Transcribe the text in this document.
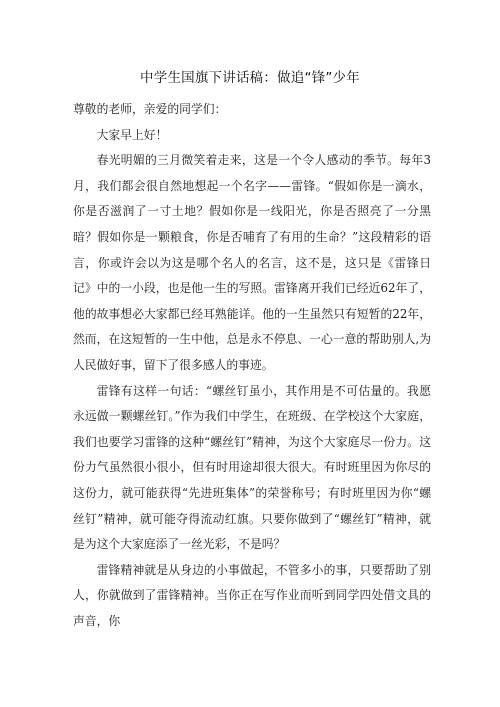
中学生国旗下讲话稿：做追“锋”少年

尊敬的老师，亲爱的同学们：

大家早上好！

春光明媚的三月微笑着走来，这是一个令人感动的季节。每年3月，我们都会很自然地想起一个名字——雷锋。“假如你是一滴水，你是否滋润了一寸土地？假如你是一线阳光，你是否照亮了一分黑暗？假如你是一颗粮食，你是否哺育了有用的生命？”这段精彩的语言，你或许会以为这是哪个名人的名言，这不是，这只是《雷锋日记》中的一小段，也是他一生的写照。雷锋离开我们已经近62年了，他的故事想必大家都已经耳熟能详。他的一生虽然只有短暂的22年，然而，在这短暂的一生中他，总是永不停息、一心一意的帮助别人,为人民做好事，留下了很多感人的事迹。

雷锋有这样一句话：“螺丝钉虽小，其作用是不可估量的。我愿永远做一颗螺丝钉。”作为我们中学生，在班级、在学校这个大家庭，我们也要学习雷锋的这种“螺丝钉”精神，为这个大家庭尽一份力。这份力气虽然很小很小，但有时用途却很大很大。有时班里因为你尽的这份力，就可能获得“先进班集体”的荣誉称号；有时班里因为你“螺丝钉”精神，就可能夺得流动红旗。只要你做到了“螺丝钉”精神，就是为这个大家庭添了一丝光彩，不是吗？

雷锋精神就是从身边的小事做起，不管多小的事，只要帮助了别人，你就做到了雷锋精神。当你正在写作业而听到同学四处借文具的声音，你
